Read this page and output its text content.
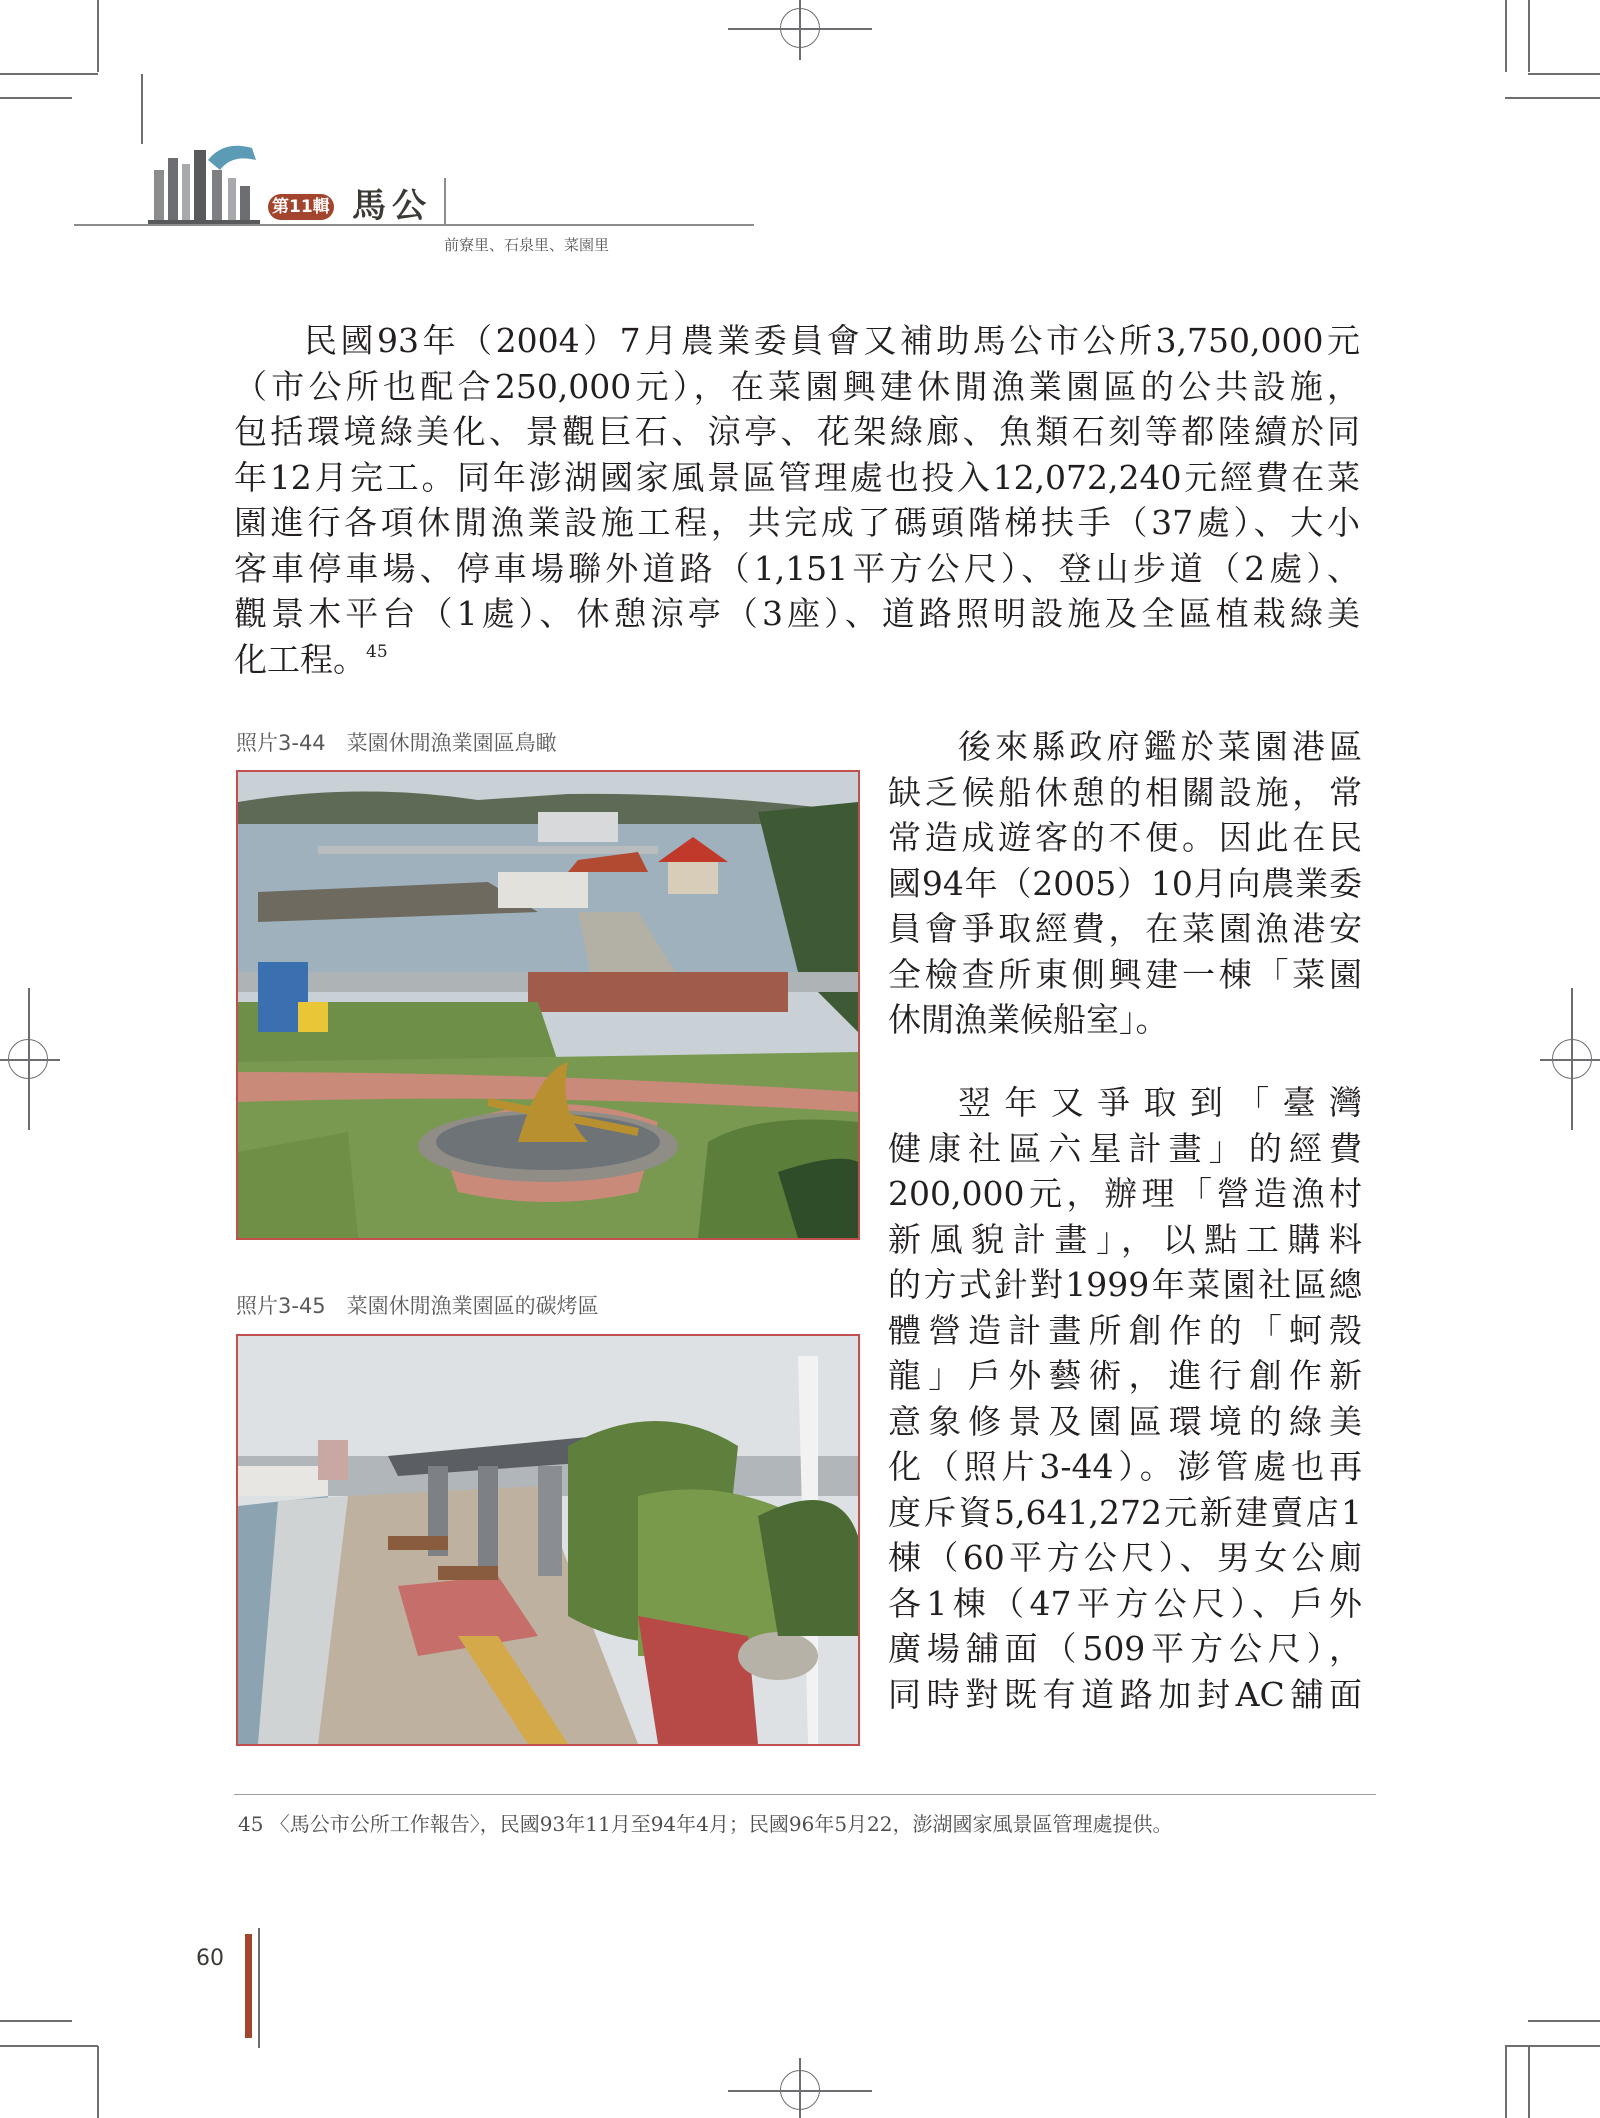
第11輯 馬公
前寮里、石泉里、菜園里
民國93年（2004）7月農業委員會又補助馬公市公所3,750,000元
（市公所也配合250,000元），在菜園興建休閒漁業園區的公共設施，
包括環境綠美化、景觀巨石、涼亭、花架綠廊、魚類石刻等都陸續於同
年12月完工。同年澎湖國家風景區管理處也投入12,072,240元經費在菜
園進行各項休閒漁業設施工程，共完成了碼頭階梯扶手（37處）、大小
客車停車場、停車場聯外道路（1,151平方公尺）、登山步道（2處）、
觀景木平台（1處）、休憩涼亭（3座）、道路照明設施及全區植栽綠美
化工程。$^{45}$
照片3-44　菜園休閒漁業園區鳥瞰
照片3-45　菜園休閒漁業園區的碳烤區
後來縣政府鑑於菜園港區
缺乏候船休憩的相關設施，常
常造成遊客的不便。因此在民
國94年（2005）10月向農業委
員會爭取經費，在菜園漁港安
全檢查所東側興建一棟「菜園
休閒漁業候船室」。
翌年又爭取到「臺灣
健康社區六星計畫」的經費
200,000元，辦理「營造漁村
新風貌計畫」，以點工購料
的方式針對1999年菜園社區總
體營造計畫所創作的「蚵殼
龍」戶外藝術，進行創作新
意象修景及園區環境的綠美
化（照片3-44）。澎管處也再
度斥資5,641,272元新建賣店1
棟（60平方公尺）、男女公廁
各1棟（47平方公尺）、戶外
廣場舖面（509平方公尺），
同時對既有道路加封AC舖面
45 〈馬公市公所工作報告〉，民國93年11月至94年4月；民國96年5月22，澎湖國家風景區管理處提供。
60
